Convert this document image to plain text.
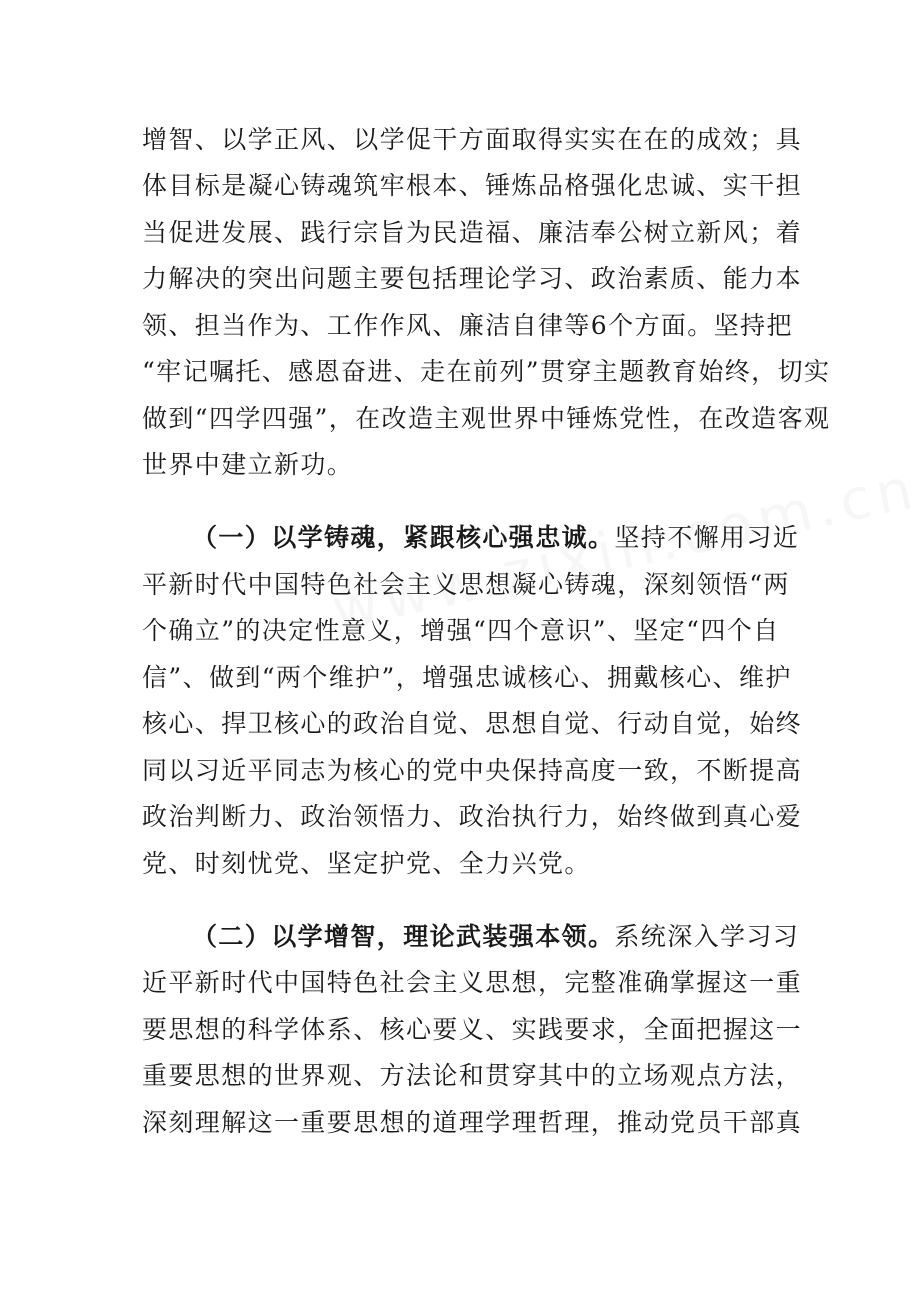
增智、以学正风、以学促干方面取得实实在在的成效；具
体目标是凝心铸魂筑牢根本、锤炼品格强化忠诚、实干担
当促进发展、践行宗旨为民造福、廉洁奉公树立新风；着
力解决的突出问题主要包括理论学习、政治素质、能力本
领、担当作为、工作作风、廉洁自律等6个方面。坚持把
“牢记嘱托、感恩奋进、走在前列”贯穿主题教育始终，切实
做到“四学四强”，在改造主观世界中锤炼党性，在改造客观
世界中建立新功。
（一）以学铸魂，紧跟核心强忠诚。坚持不懈用习近
平新时代中国特色社会主义思想凝心铸魂，深刻领悟“两
个确立”的决定性意义，增强“四个意识”、坚定“四个自
信”、做到“两个维护”，增强忠诚核心、拥戴核心、维护
核心、捍卫核心的政治自觉、思想自觉、行动自觉，始终
同以习近平同志为核心的党中央保持高度一致，不断提高
政治判断力、政治领悟力、政治执行力，始终做到真心爱
党、时刻忧党、坚定护党、全力兴党。
（二）以学增智，理论武装强本领。系统深入学习习
近平新时代中国特色社会主义思想，完整准确掌握这一重
要思想的科学体系、核心要义、实践要求，全面把握这一
重要思想的世界观、方法论和贯穿其中的立场观点方法，
深刻理解这一重要思想的道理学理哲理，推动党员干部真
